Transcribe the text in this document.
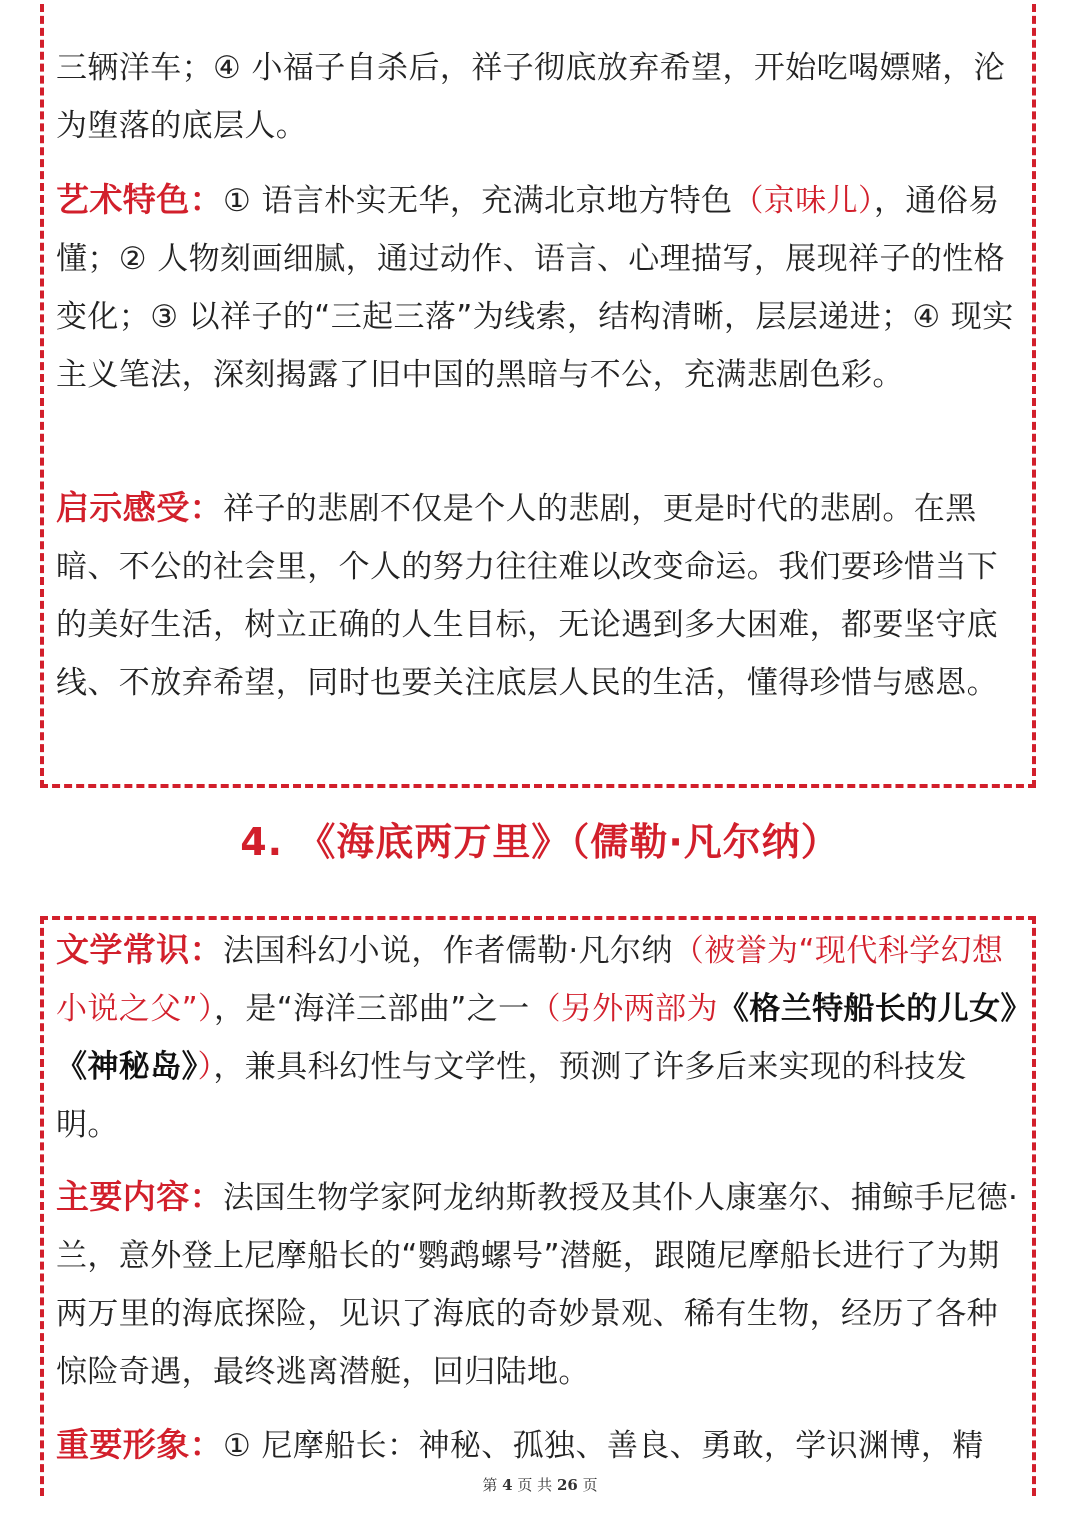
三辆洋车；④ 小福子自杀后，祥子彻底放弃希望，开始吃喝嫖赌，沦为堕落的底层人。
艺术特色：① 语言朴实无华，充满北京地方特色（京味儿），通俗易懂；② 人物刻画细腻，通过动作、语言、心理描写，展现祥子的性格变化；③ 以祥子的“三起三落”为线索，结构清晰，层层递进；④ 现实主义笔法，深刻揭露了旧中国的黑暗与不公，充满悲剧色彩。
启示感受：祥子的悲剧不仅是个人的悲剧，更是时代的悲剧。在黑暗、不公的社会里，个人的努力往往难以改变命运。我们要珍惜当下的美好生活，树立正确的人生目标，无论遇到多大困难，都要坚守底线、不放弃希望，同时也要关注底层人民的生活，懂得珍惜与感恩。
4. 《海底两万里》（儒勒·凡尔纳）
文学常识：法国科幻小说，作者儒勒·凡尔纳（被誉为“现代科学幻想小说之父”），是“海洋三部曲”之一（另外两部为《格兰特船长的儿女》《神秘岛》），兼具科幻性与文学性，预测了许多后来实现的科技发明。
主要内容：法国生物学家阿龙纳斯教授及其仆人康塞尔、捕鲸手尼德·兰，意外登上尼摩船长的“鹦鹉螺号”潜艇，跟随尼摩船长进行了为期两万里的海底探险，见识了海底的奇妙景观、稀有生物，经历了各种惊险奇遇，最终逃离潜艇，回归陆地。
重要形象：① 尼摩船长：神秘、孤独、善良、勇敢，学识渊博，精
第 4 页 共 26 页
